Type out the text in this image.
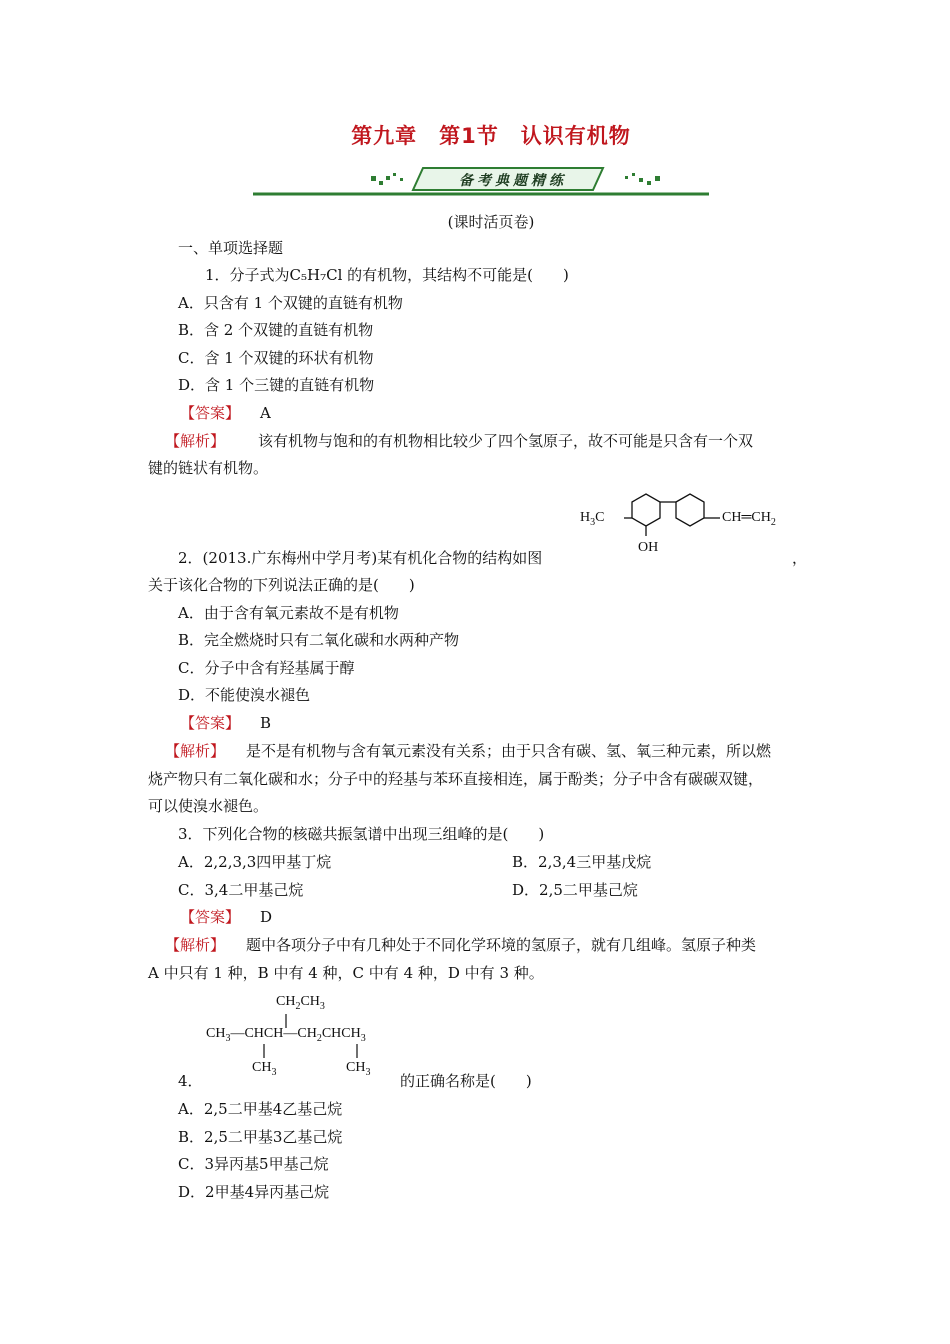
第九章　第1节　认识有机物
备考典题精练
(课时活页卷)
一、单项选择题
1．分子式为C₅H₇Cl 的有机物，其结构不可能是(　　)
A．只含有 1 个双键的直链有机物
B．含 2 个双键的直链有机物
C．含 1 个双键的环状有机物
D．含 1 个三键的直链有机物
【答案】 A
【解析】 该有机物与饱和的有机物相比较少了四个氢原子，故不可能是只含有一个双
键的链状有机物。
$H_3C$
OH
$CH═CH_2$
2．(2013.广东梅州中学月考)某有机化合物的结构如图	，
关于该化合物的下列说法正确的是(　　)
A．由于含有氧元素故不是有机物
B．完全燃烧时只有二氧化碳和水两种产物
C．分子中含有羟基属于醇
D．不能使溴水褪色
【答案】 B
【解析】 是不是有机物与含有氧元素没有关系；由于只含有碳、氢、氧三种元素，所以燃
烧产物只有二氧化碳和水；分子中的羟基与苯环直接相连，属于酚类；分子中含有碳碳双键，
可以使溴水褪色。
3．下列化合物的核磁共振氢谱中出现三组峰的是(　　)
A．2,2,3,3四甲基丁烷	B．2,3,4三甲基戊烷
C．3,4二甲基己烷	D．2,5二甲基己烷
【答案】 D
【解析】 题中各项分子中有几种处于不同化学环境的氢原子，就有几组峰。氢原子种类
A 中只有 1 种，B 中有 4 种，C 中有 4 种，D 中有 3 种。
$CH_2CH_3$
$CH_3—CHCH—CH_2CHCH_3$
$CH_3$	$CH_3$
4．	的正确名称是(　　)
A．2,5二甲基4乙基己烷
B．2,5二甲基3乙基己烷
C．3异丙基5甲基己烷
D．2甲基4异丙基己烷
